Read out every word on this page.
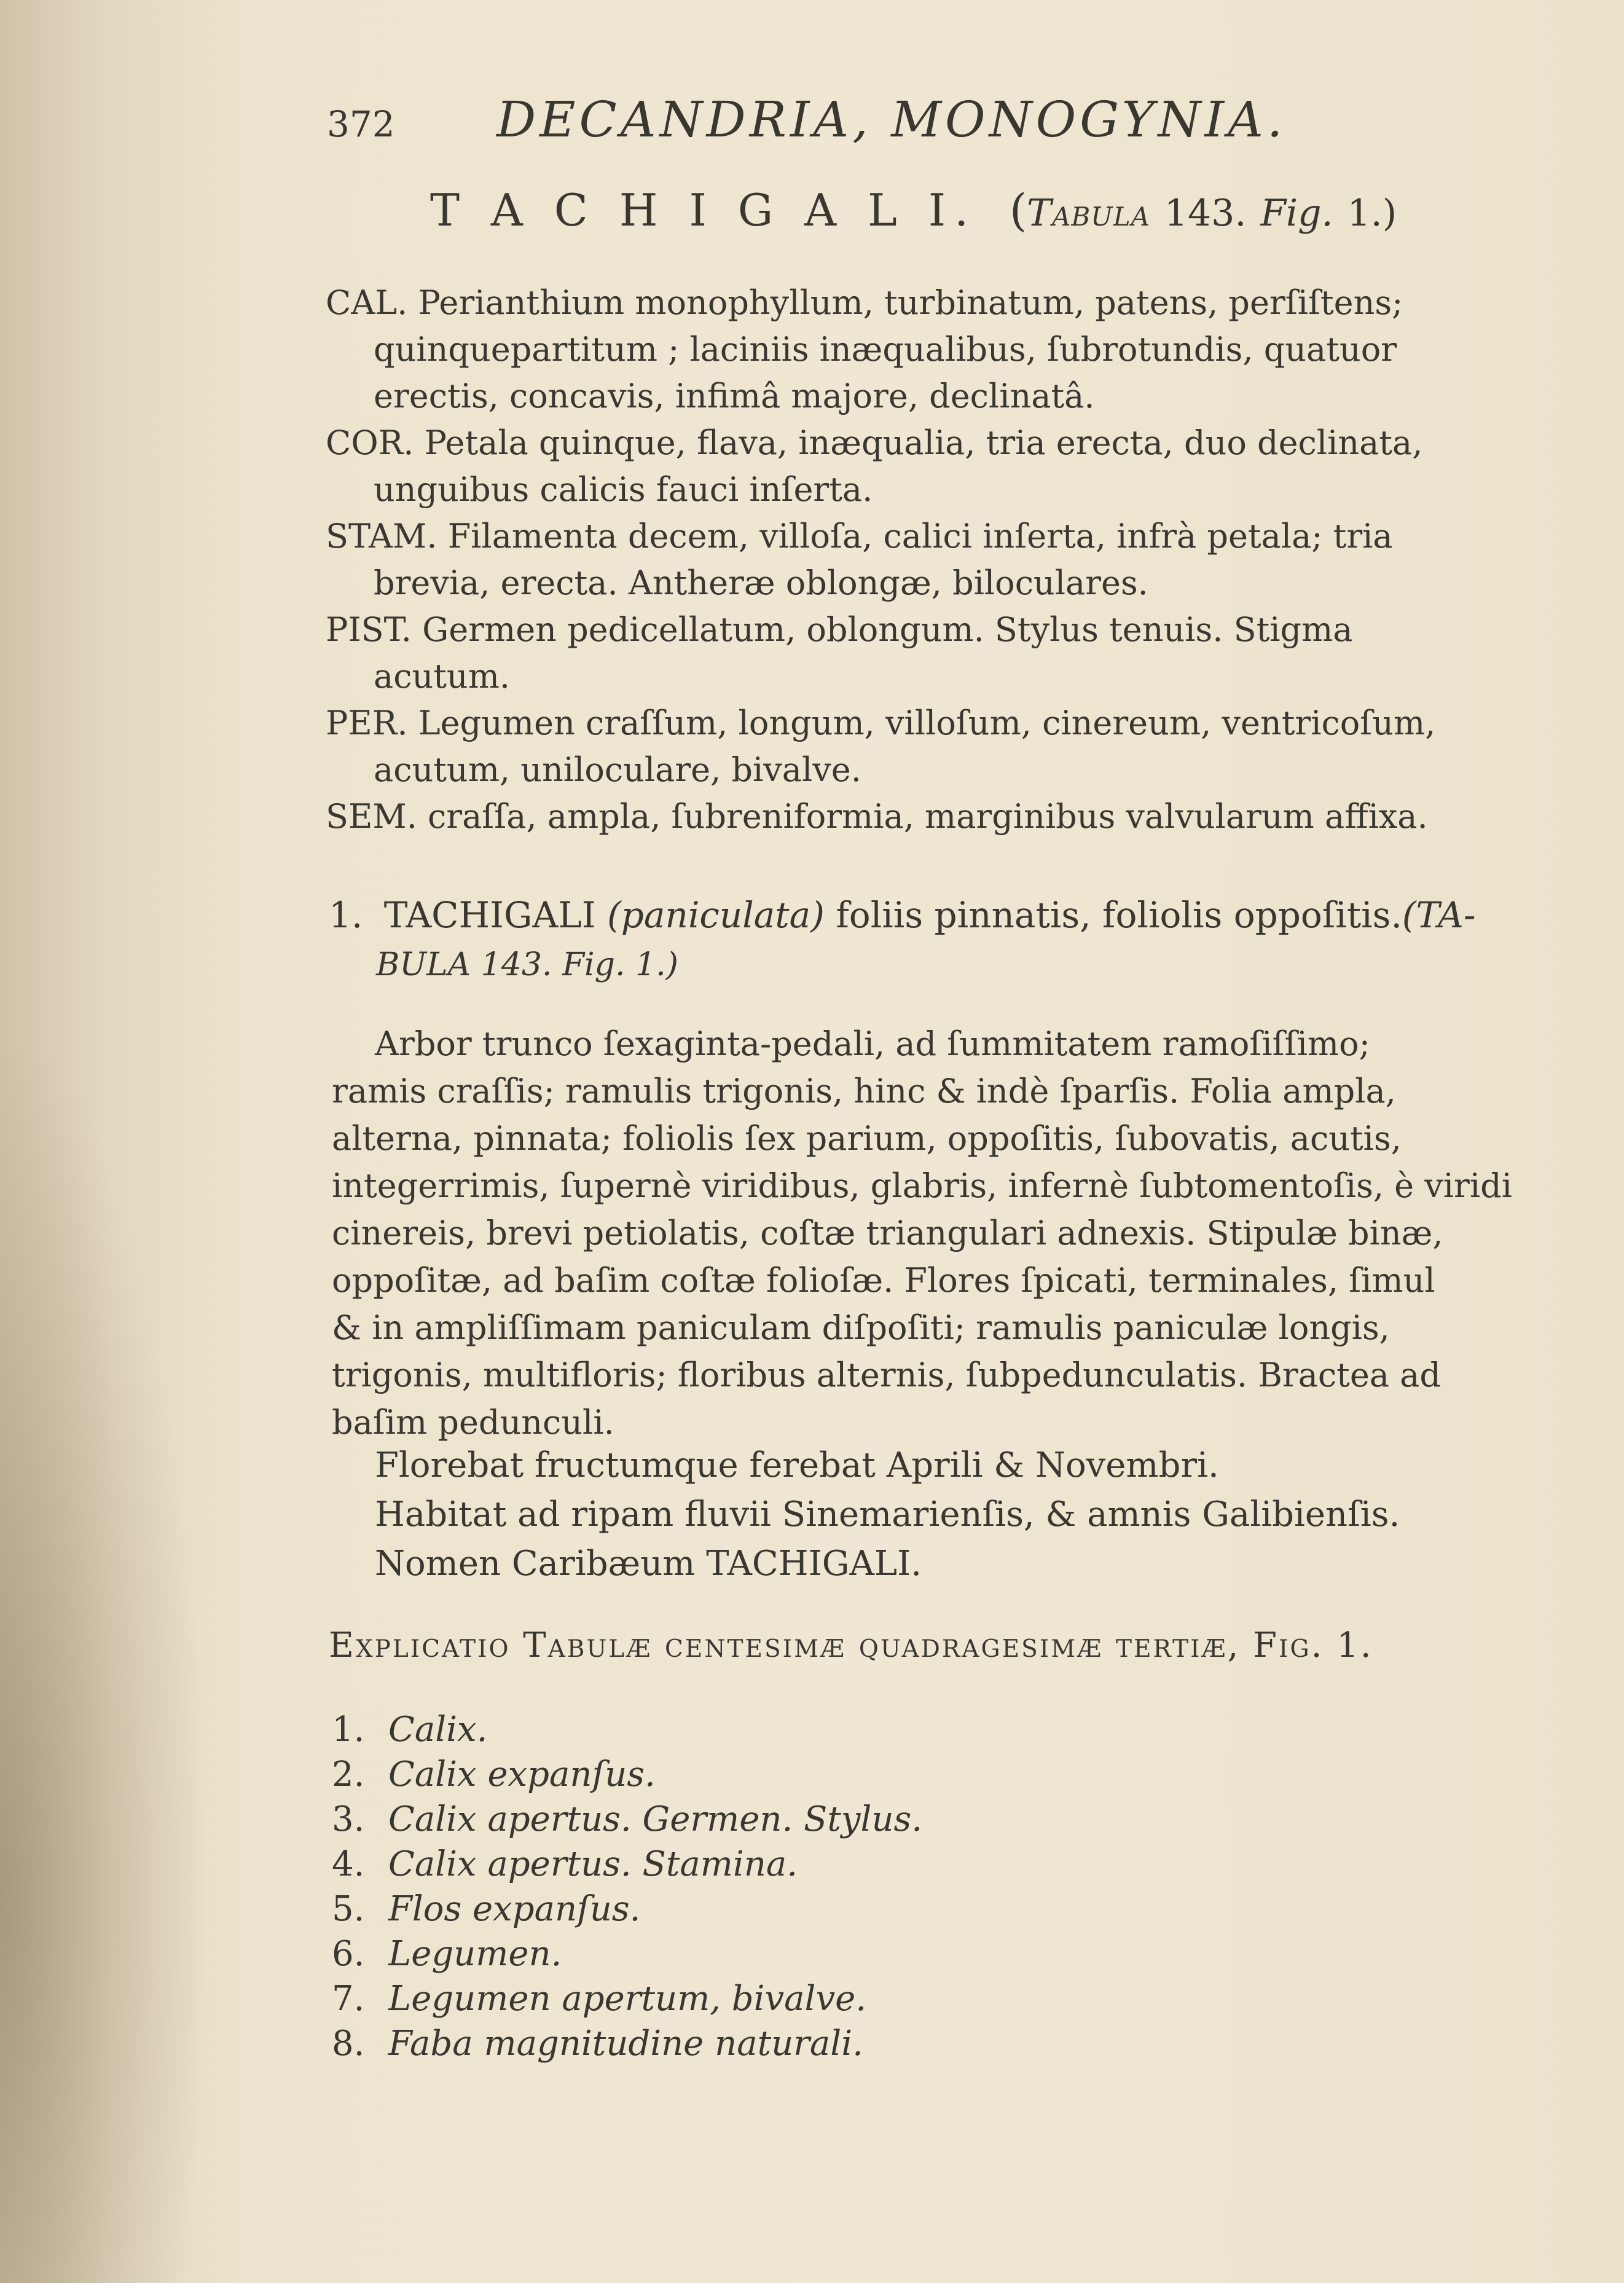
372 DECANDRIA, MONOGYNIA.
T A C H I G A L I. (Tabula 143. Fig. 1.)
CAL. Perianthium monophyllum, turbinatum, patens, perſiſtens;
quinquepartitum ; laciniis inæqualibus, ſubrotundis, quatuor
erectis, concavis, infimâ majore, declinatâ.
COR. Petala quinque, flava, inæqualia, tria erecta, duo declinata,
unguibus calicis fauci inſerta.
STAM. Filamenta decem, villoſa, calici inſerta, infrà petala; tria
brevia, erecta. Antheræ oblongæ, biloculares.
PIST. Germen pedicellatum, oblongum. Stylus tenuis. Stigma
acutum.
PER. Legumen craſſum, longum, villoſum, cinereum, ventricoſum,
acutum, uniloculare, bivalve.
SEM. craſſa, ampla, ſubreniformia, marginibus valvularum affixa.
1. TACHIGALI (paniculata) foliis pinnatis, foliolis oppoſitis.(TA-
BULA 143. Fig. 1.)
Arbor trunco ſexaginta-pedali, ad ſummitatem ramoſiſſimo;
ramis craſſis; ramulis trigonis, hinc & indè ſparſis. Folia ampla,
alterna, pinnata; foliolis ſex parium, oppoſitis, ſubovatis, acutis,
integerrimis, ſupernè viridibus, glabris, infernè ſubtomentoſis, è viridi
cinereis, brevi petiolatis, coſtæ triangulari adnexis. Stipulæ binæ,
oppoſitæ, ad baſim coſtæ folioſæ. Flores ſpicati, terminales, ſimul
& in ampliſſimam paniculam diſpoſiti; ramulis paniculæ longis,
trigonis, multifloris; floribus alternis, ſubpedunculatis. Bractea ad
baſim pedunculi.
Florebat fructumque ferebat Aprili & Novembri.
Habitat ad ripam fluvii Sinemarienſis, & amnis Galibienſis.
Nomen Caribæum TACHIGALI.
Explicatio Tabulæ centesimæ quadragesimæ tertiæ, Fig. 1.
1. Calix.
2. Calix expanſus.
3. Calix apertus. Germen. Stylus.
4. Calix apertus. Stamina.
5. Flos expanſus.
6. Legumen.
7. Legumen apertum, bivalve.
8. Faba magnitudine naturali.
